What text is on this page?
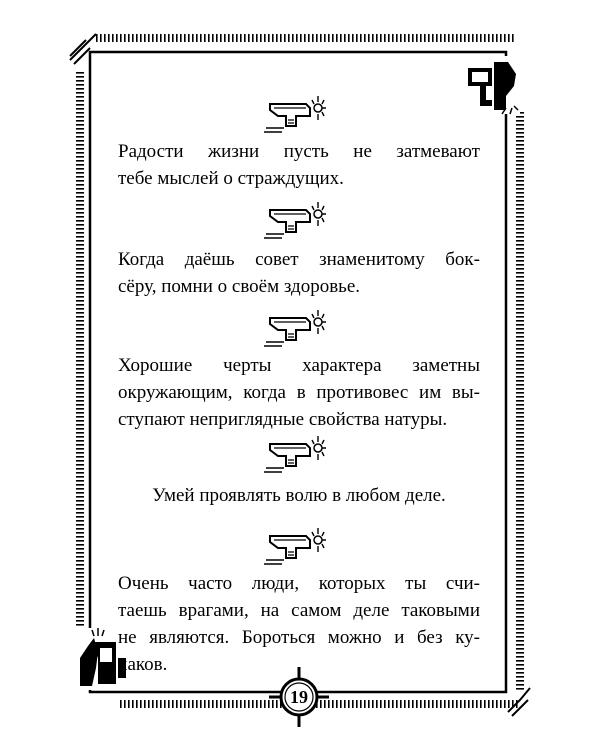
Радости жизни пусть не затмевают
тебе мыслей о страждущих.
Когда даёшь совет знаменитому бок-
сёру, помни о своём здоровье.
Хорошие черты характера заметны
окружающим, когда в противовес им вы-
ступают неприглядные свойства натуры.
Умей проявлять волю в любом деле.
Очень часто люди, которых ты счи-
таешь врагами, на самом деле таковыми
не являются. Бороться можно и без ку-
лаков.
19
